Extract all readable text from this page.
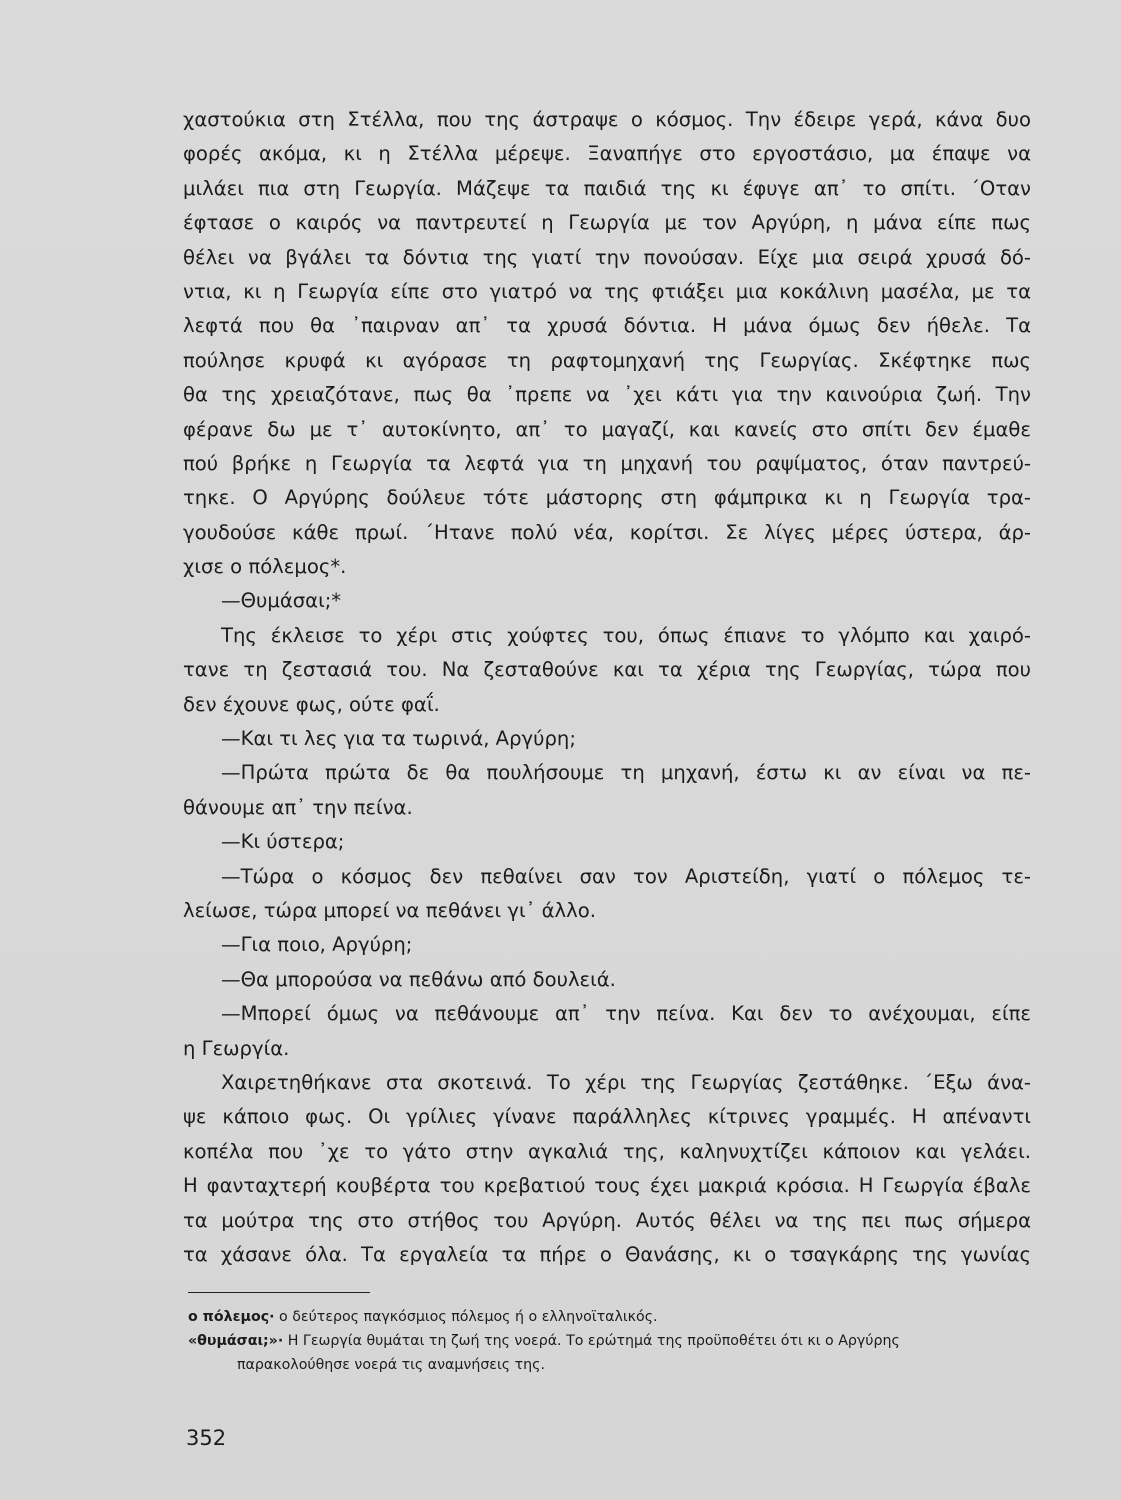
χαστούκια στη Στέλλα, που της άστραψε ο κόσμος. Την έδειρε γερά, κάνα δυο
φορές ακόμα, κι η Στέλλα μέρεψε. Ξαναπήγε στο εργοστάσιο, μα έπαψε να
μιλάει πια στη Γεωργία. Μάζεψε τα παιδιά της κι έφυγε απ᾽ το σπίτι. ΄Οταν
έφτασε ο καιρός να παντρευτεί η Γεωργία με τον Αργύρη, η μάνα είπε πως
θέλει να βγάλει τα δόντια της γιατί την πονούσαν. Είχε μια σειρά χρυσά δό-
ντια, κι η Γεωργία είπε στο γιατρό να της φτιάξει μια κοκάλινη μασέλα, με τα
λεφτά που θα ᾽παιρναν απ᾽ τα χρυσά δόντια. Η μάνα όμως δεν ήθελε. Τα
πούλησε κρυφά κι αγόρασε τη ραφτομηχανή της Γεωργίας. Σκέφτηκε πως
θα της χρειαζότανε, πως θα ᾽πρεπε να ᾽χει κάτι για την καινούρια ζωή. Την
φέρανε δω με τ᾽ αυτοκίνητο, απ᾽ το μαγαζί, και κανείς στο σπίτι δεν έμαθε
πού βρήκε η Γεωργία τα λεφτά για τη μηχανή του ραψίματος, όταν παντρεύ-
τηκε. Ο Αργύρης δούλευε τότε μάστορης στη φάμπρικα κι η Γεωργία τρα-
γουδούσε κάθε πρωί. ΄Ητανε πολύ νέα, κορίτσι. Σε λίγες μέρες ύστερα, άρ-
χισε ο πόλεμος*.
—Θυμάσαι;*
Της έκλεισε το χέρι στις χούφτες του, όπως έπιανε το γλόμπο και χαιρό-
τανε τη ζεστασιά του. Να ζεσταθούνε και τα χέρια της Γεωργίας, τώρα που
δεν έχουνε φως, ούτε φαΐ.
—Και τι λες για τα τωρινά, Αργύρη;
—Πρώτα πρώτα δε θα πουλήσουμε τη μηχανή, έστω κι αν είναι να πε-
θάνουμε απ᾽ την πείνα.
—Κι ύστερα;
—Τώρα ο κόσμος δεν πεθαίνει σαν τον Αριστείδη, γιατί ο πόλεμος τε-
λείωσε, τώρα μπορεί να πεθάνει γι᾽ άλλο.
—Για ποιο, Αργύρη;
—Θα μπορούσα να πεθάνω από δουλειά.
—Μπορεί όμως να πεθάνουμε απ᾽ την πείνα. Και δεν το ανέχουμαι, είπε
η Γεωργία.
Χαιρετηθήκανε στα σκοτεινά. Το χέρι της Γεωργίας ζεστάθηκε. ΄Εξω άνα-
ψε κάποιο φως. Οι γρίλιες γίνανε παράλληλες κίτρινες γραμμές. Η απέναντι
κοπέλα που ᾽χε το γάτο στην αγκαλιά της, καληνυχτίζει κάποιον και γελάει.
Η φανταχτερή κουβέρτα του κρεβατιού τους έχει μακριά κρόσια. Η Γεωργία έβαλε
τα μούτρα της στο στήθος του Αργύρη. Αυτός θέλει να της πει πως σήμερα
τα χάσανε όλα. Τα εργαλεία τα πήρε ο Θανάσης, κι ο τσαγκάρης της γωνίας
ο πόλεμος· ο δεύτερος παγκόσμιος πόλεμος ή ο ελληνοϊταλικός.
«θυμάσαι;»· Η Γεωργία θυμάται τη ζωή της νοερά. Το ερώτημά της προϋποθέτει ότι κι ο Αργύρης
παρακολούθησε νοερά τις αναμνήσεις της.
352
